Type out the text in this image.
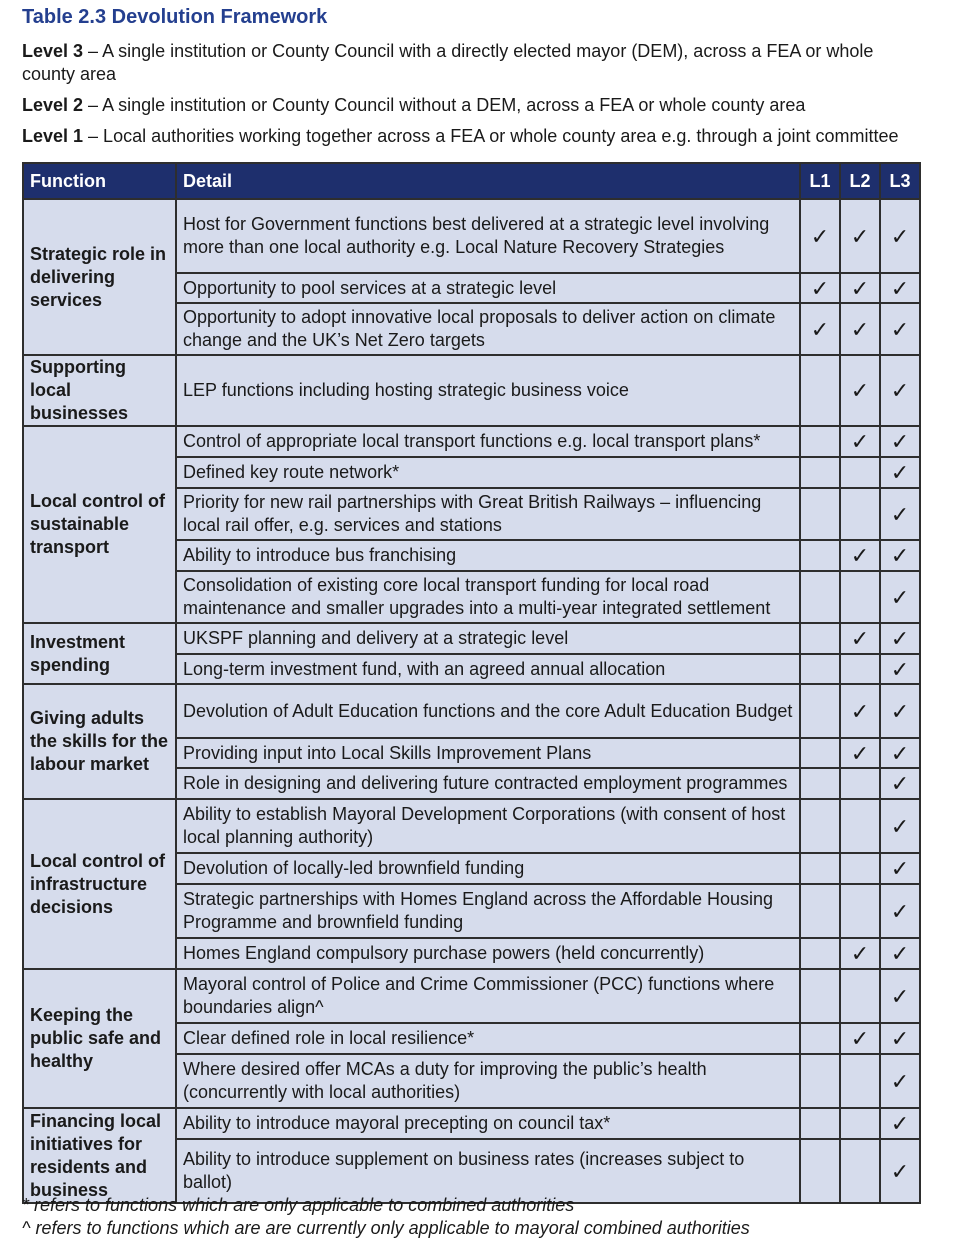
Table 2.3 Devolution Framework

Level 3 – A single institution or County Council with a directly elected mayor (DEM), across a FEA or whole county area

Level 2 – A single institution or County Council without a DEM, across a FEA or whole county area

Level 1 – Local authorities working together across a FEA or whole county area e.g. through a joint committee

Function	Detail	L1	L2	L3
Strategic role in delivering services	Host for Government functions best delivered at a strategic level involving more than one local authority e.g. Local Nature Recovery Strategies	✓	✓	✓
	Opportunity to pool services at a strategic level	✓	✓	✓
	Opportunity to adopt innovative local proposals to deliver action on climate change and the UK’s Net Zero targets	✓	✓	✓
Supporting local businesses	LEP functions including hosting strategic business voice		✓	✓
Local control of sustainable transport	Control of appropriate local transport functions e.g. local transport plans*		✓	✓
	Defined key route network*			✓
	Priority for new rail partnerships with Great British Railways – influencing local rail offer, e.g. services and stations			✓
	Ability to introduce bus franchising		✓	✓
	Consolidation of existing core local transport funding for local road maintenance and smaller upgrades into a multi-year integrated settlement			✓
Investment spending	UKSPF planning and delivery at a strategic level		✓	✓
	Long-term investment fund, with an agreed annual allocation			✓
Giving adults the skills for the labour market	Devolution of Adult Education functions and the core Adult Education Budget		✓	✓
	Providing input into Local Skills Improvement Plans		✓	✓
	Role in designing and delivering future contracted employment programmes			✓
Local control of infrastructure decisions	Ability to establish Mayoral Development Corporations (with consent of host local planning authority)			✓
	Devolution of locally-led brownfield funding			✓
	Strategic partnerships with Homes England across the Affordable Housing Programme and brownfield funding			✓
	Homes England compulsory purchase powers (held concurrently)		✓	✓
Keeping the public safe and healthy	Mayoral control of Police and Crime Commissioner (PCC) functions where boundaries align^			✓
	Clear defined role in local resilience*		✓	✓
	Where desired offer MCAs a duty for improving the public’s health (concurrently with local authorities)			✓
Financing local initiatives for residents and business	Ability to introduce mayoral precepting on council tax*			✓
	Ability to introduce supplement on business rates (increases subject to ballot)			✓

* refers to functions which are only applicable to combined authorities

^ refers to functions which are are currently only applicable to mayoral combined authorities
